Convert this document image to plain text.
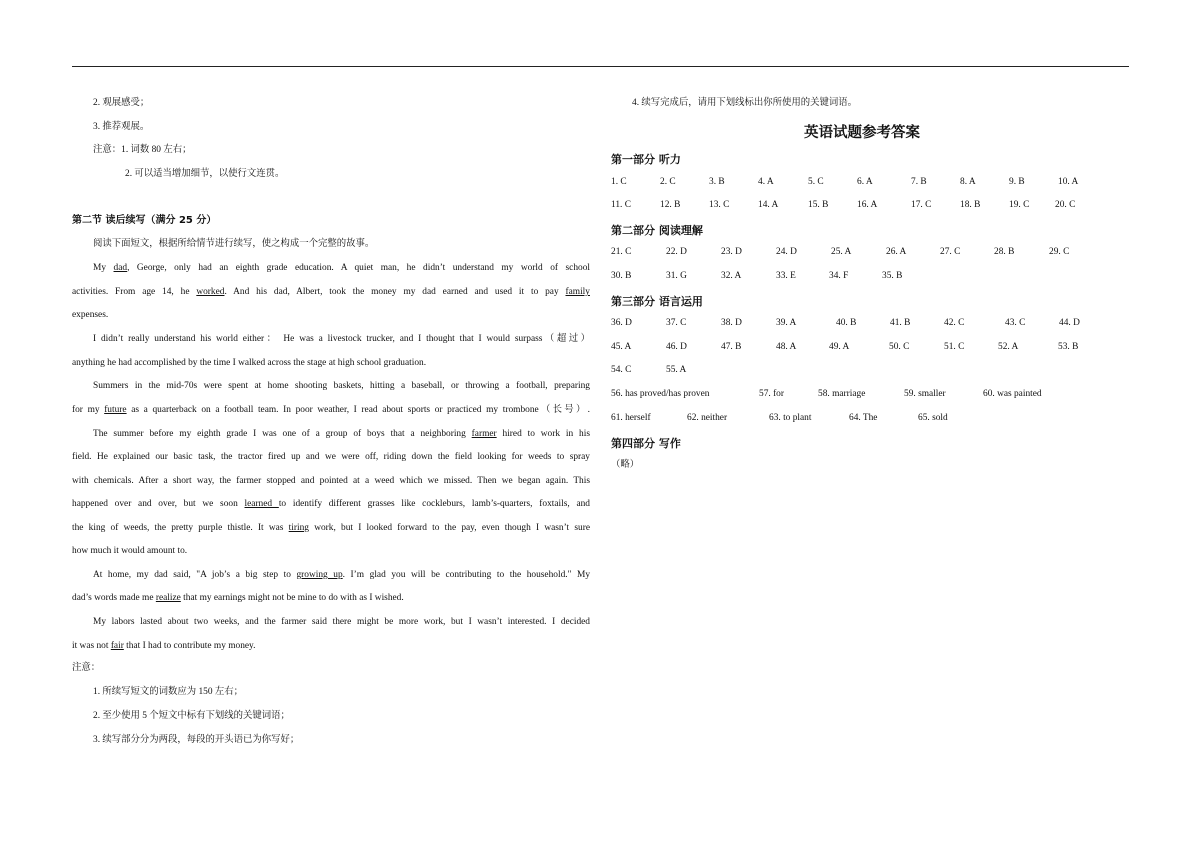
2. 观展感受；
3. 推荐观展。
注意：1. 词数 80 左右；
2. 可以适当增加细节，以使行文连贯。
第二节 读后续写（满分 25 分）
阅读下面短文，根据所给情节进行续写，使之构成一个完整的故事。
My dad, George, only had an eighth grade education. A quiet man, he didn’t understand my world of school
activities. From age 14, he worked. And his dad, Albert, took the money my dad earned and used it to pay family
expenses.
I didn’t really understand his world either： He was a livestock trucker, and I thought that I would surpass（超过）
anything he had accomplished by the time I walked across the stage at high school graduation.
Summers in the mid-70s were spent at home shooting baskets, hitting a baseball, or throwing a football, preparing
for my future as a quarterback on a football team. In poor weather, I read about sports or practiced my trombone（长号）.
The summer before my eighth grade I was one of a group of boys that a neighboring farmer hired to work in his
field. He explained our basic task, the tractor fired up and we were off, riding down the field looking for weeds to spray
with chemicals. After a short way, the farmer stopped and pointed at a weed which we missed. Then we began again. This
happened over and over, but we soon learned to identify different grasses like cockleburs, lamb’s-quarters, foxtails, and
the king of weeds, the pretty purple thistle. It was tiring work, but I looked forward to the pay, even though I wasn’t sure
how much it would amount to.
At home, my dad said, "A job’s a big step to growing up. I’m glad you will be contributing to the household." My
dad’s words made me realize that my earnings might not be mine to do with as I wished.
My labors lasted about two weeks, and the farmer said there might be more work, but I wasn’t interested. I decided
it was not fair that I had to contribute my money.
注意：
1. 所续写短文的词数应为 150 左右；
2. 至少使用 5 个短文中标有下划线的关键词语；
3. 续写部分分为两段，每段的开头语已为你写好；
4. 续写完成后，请用下划线标出你所使用的关键词语。
英语试题参考答案
第一部分 听力
1. C	2. C	3. B	4. A	5. C	6. A	7. B	8. A	9. B	10. A
11. C	12. B	13. C	14. A	15. B	16. A	17. C	18. B	19. C	20. C
第二部分 阅读理解
21. C	22. D	23. D	24. D	25. A	26. A	27. C	28. B	29. C
30. B	31. G	32. A	33. E	34. F	35. B
第三部分 语言运用
36. D	37. C	38. D	39. A	40. B	41. B	42. C	43. C	44. D
45. A	46. D	47. B	48. A	49. A	50. C	51. C	52. A	53. B
54. C	55. A
56. has proved/has proven	57. for	58. marriage	59. smaller	60. was painted
61. herself	62. neither	63. to plant	64. The	65. sold
第四部分 写作
（略）
